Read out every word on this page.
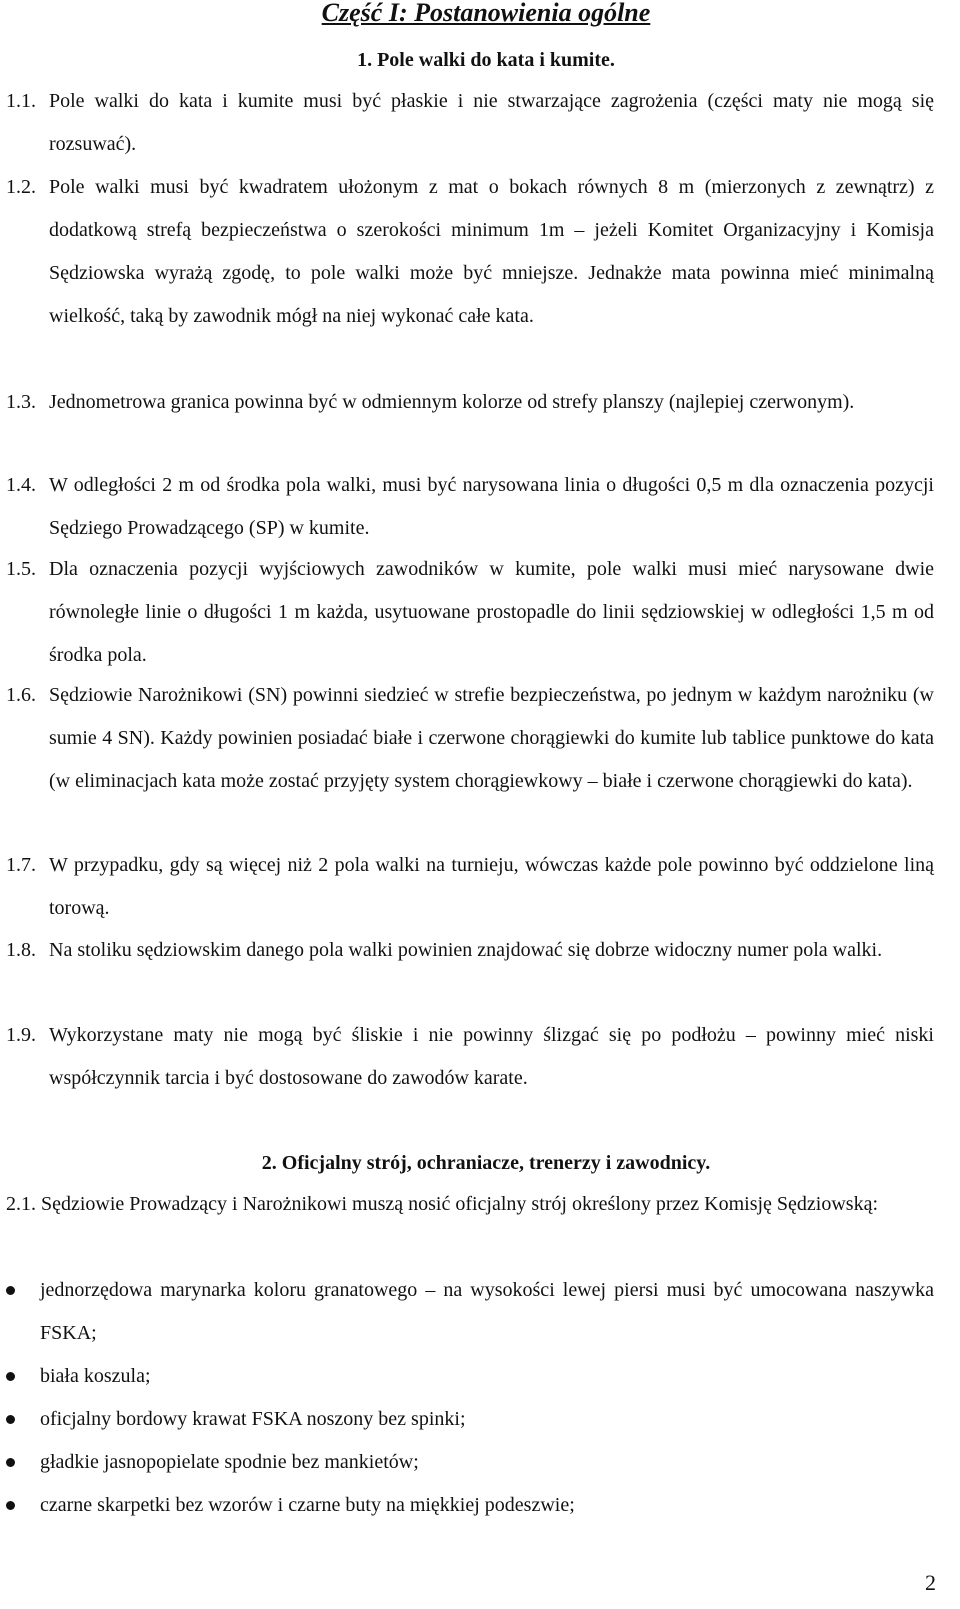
Część I: Postanowienia ogólne
1. Pole walki do kata i kumite.
1.1. Pole walki do kata i kumite musi być płaskie i nie stwarzające zagrożenia (części maty nie mogą się rozsuwać).
1.2. Pole walki musi być kwadratem ułożonym z mat o bokach równych 8 m (mierzonych z zewnątrz) z dodatkową strefą bezpieczeństwa o szerokości minimum 1m – jeżeli Komitet Organizacyjny i Komisja Sędziowska wyrażą zgodę, to pole walki może być mniejsze. Jednakże mata powinna mieć minimalną wielkość, taką by zawodnik mógł na niej wykonać całe kata.
1.3. Jednometrowa granica powinna być w odmiennym kolorze od strefy planszy (najlepiej czerwonym).
1.4. W odległości 2 m od środka pola walki, musi być narysowana linia o długości 0,5 m dla oznaczenia pozycji Sędziego Prowadzącego (SP) w kumite.
1.5. Dla oznaczenia pozycji wyjściowych zawodników w kumite, pole walki musi mieć narysowane dwie równoległe linie o długości 1 m każda, usytuowane prostopadle do linii sędziowskiej w odległości 1,5 m od środka pola.
1.6. Sędziowie Narożnikowi (SN) powinni siedzieć w strefie bezpieczeństwa, po jednym w każdym narożniku (w sumie 4 SN). Każdy powinien posiadać białe i czerwone chorągiewki do kumite lub tablice punktowe do kata (w eliminacjach kata może zostać przyjęty system chorągiewkowy – białe i czerwone chorągiewki do kata).
1.7. W przypadku, gdy są więcej niż 2 pola walki na turnieju, wówczas każde pole powinno być oddzielone liną torową.
1.8. Na stoliku sędziowskim danego pola walki powinien znajdować się dobrze widoczny numer pola walki.
1.9. Wykorzystane maty nie mogą być śliskie i nie powinny ślizgać się po podłożu – powinny mieć niski współczynnik tarcia i być dostosowane do zawodów karate.
2. Oficjalny strój, ochraniacze, trenerzy i zawodnicy.
2.1. Sędziowie Prowadzący i Narożnikowi muszą nosić oficjalny strój określony przez Komisję Sędziowską:
jednorzędowa marynarka koloru granatowego – na wysokości lewej piersi musi być umocowana naszywka FSKA;
biała koszula;
oficjalny bordowy krawat FSKA noszony bez spinki;
gładkie jasnopopielate spodnie bez mankietów;
czarne skarpetki bez wzorów i czarne buty na miękkiej podeszwie;
2
